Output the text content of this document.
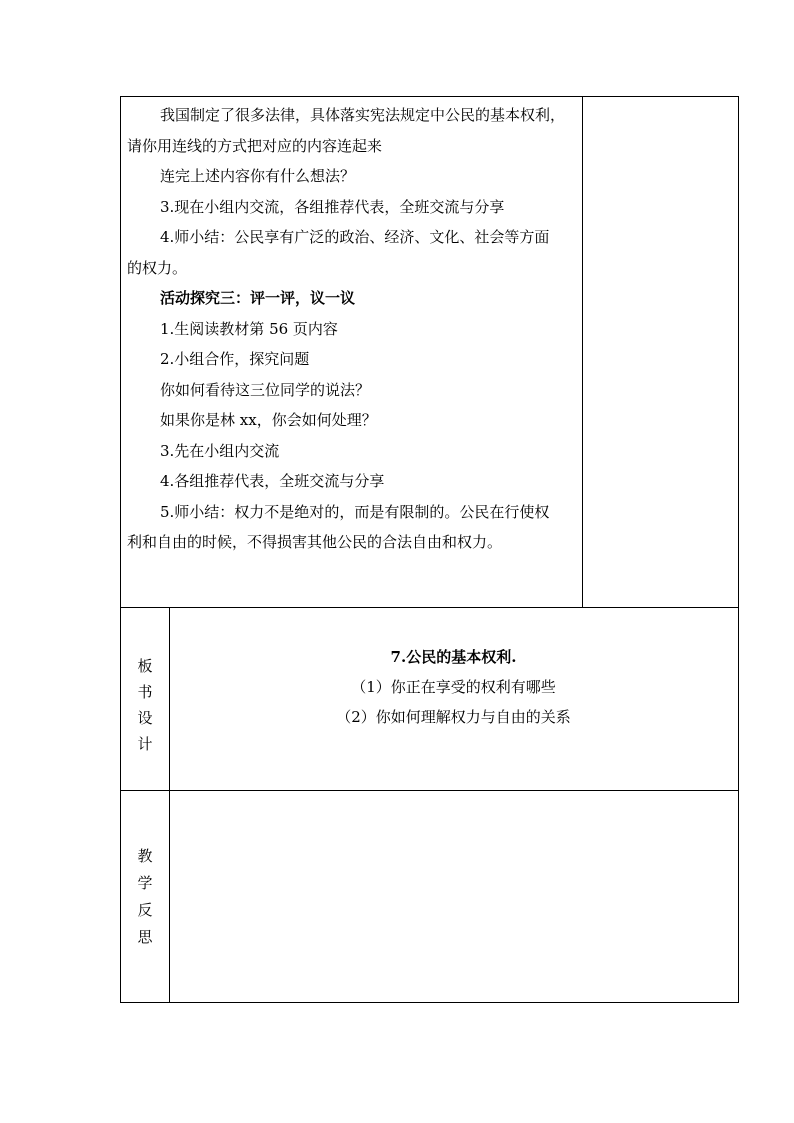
我国制定了很多法律，具体落实宪法规定中公民的基本权利，
请你用连线的方式把对应的内容连起来
连完上述内容你有什么想法？
3.现在小组内交流，各组推荐代表，全班交流与分享
4.师小结：公民享有广泛的政治、经济、文化、社会等方面
的权力。
活动探究三：评一评，议一议
1.生阅读教材第 56 页内容
2.小组合作，探究问题
你如何看待这三位同学的说法？
如果你是林 xx，你会如何处理？
3.先在小组内交流
4.各组推荐代表，全班交流与分享
5.师小结：权力不是绝对的，而是有限制的。公民在行使权
利和自由的时候，不得损害其他公民的合法自由和权力。
板
书
设
计
7.公民的基本权利.
（1）你正在享受的权利有哪些
（2）你如何理解权力与自由的关系
教
学
反
思
